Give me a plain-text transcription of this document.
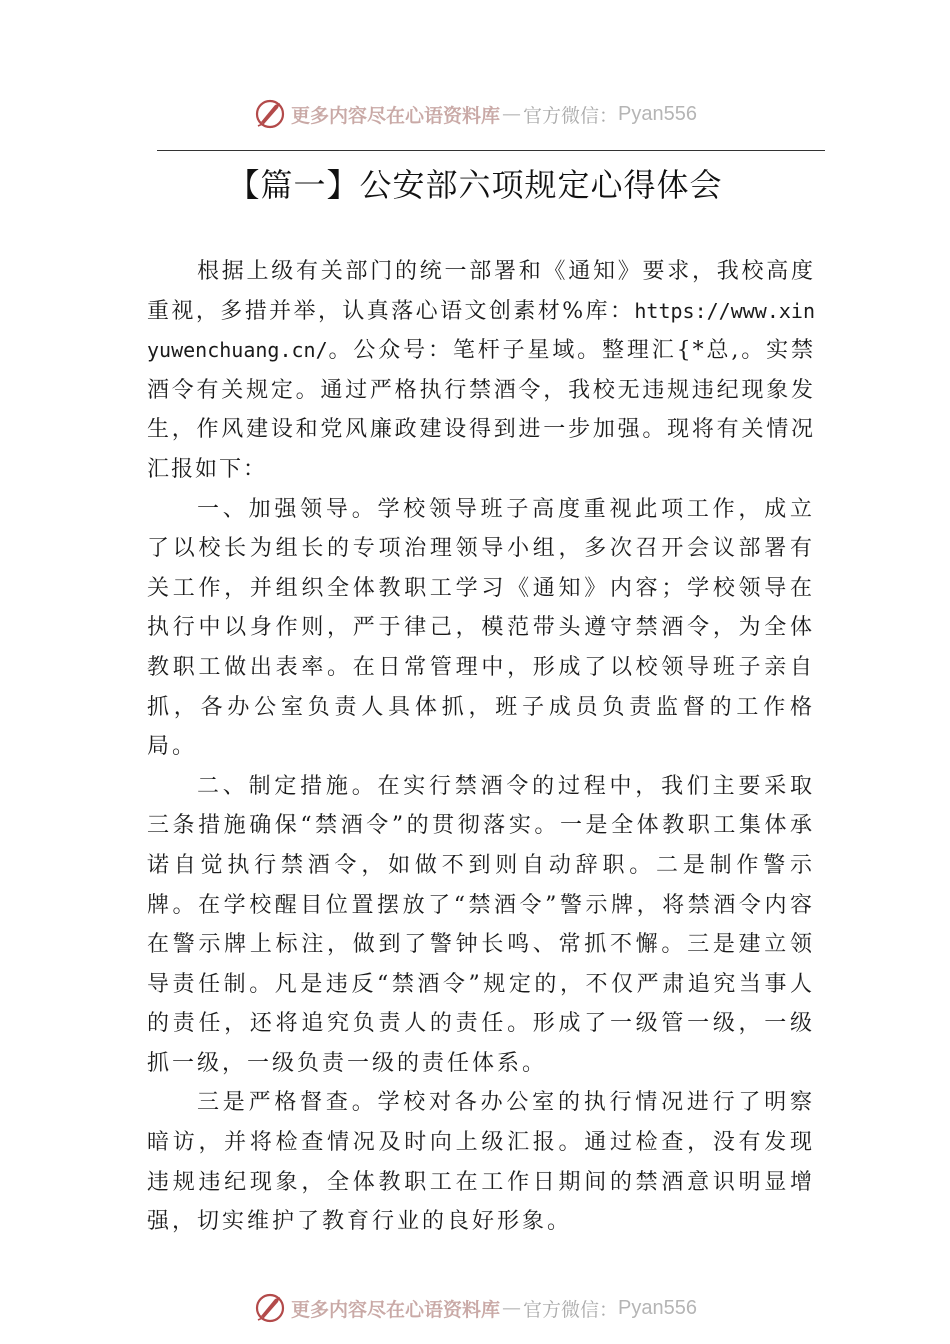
更多内容尽在心语资料库 — 官方微信： Pyan556
【篇一】公安部六项规定心得体会

根据上级有关部门的统一部署和《通知》要求，我校高度重视，多措并举，认真落心语文创素材%库：https://www.xinyuwenchuang.cn/。公众号：笔杆子星域。整理汇{*总,。实禁酒令有关规定。通过严格执行禁酒令，我校无违规违纪现象发生，作风建设和党风廉政建设得到进一步加强。现将有关情况汇报如下：

一、加强领导。学校领导班子高度重视此项工作，成立了以校长为组长的专项治理领导小组，多次召开会议部署有关工作，并组织全体教职工学习《通知》内容；学校领导在执行中以身作则，严于律己，模范带头遵守禁酒令，为全体教职工做出表率。在日常管理中，形成了以校领导班子亲自抓，各办公室负责人具体抓，班子成员负责监督的工作格局。

二、制定措施。在实行禁酒令的过程中，我们主要采取三条措施确保“禁酒令”的贯彻落实。一是全体教职工集体承诺自觉执行禁酒令，如做不到则自动辞职。二是制作警示牌。在学校醒目位置摆放了“禁酒令”警示牌，将禁酒令内容在警示牌上标注，做到了警钟长鸣、常抓不懈。三是建立领导责任制。凡是违反“禁酒令”规定的，不仅严肃追究当事人的责任，还将追究负责人的责任。形成了一级管一级，一级抓一级，一级负责一级的责任体系。

三是严格督查。学校对各办公室的执行情况进行了明察暗访，并将检查情况及时向上级汇报。通过检查，没有发现违规违纪现象，全体教职工在工作日期间的禁酒意识明显增强，切实维护了教育行业的良好形象。

更多内容尽在心语资料库 — 官方微信： Pyan556
